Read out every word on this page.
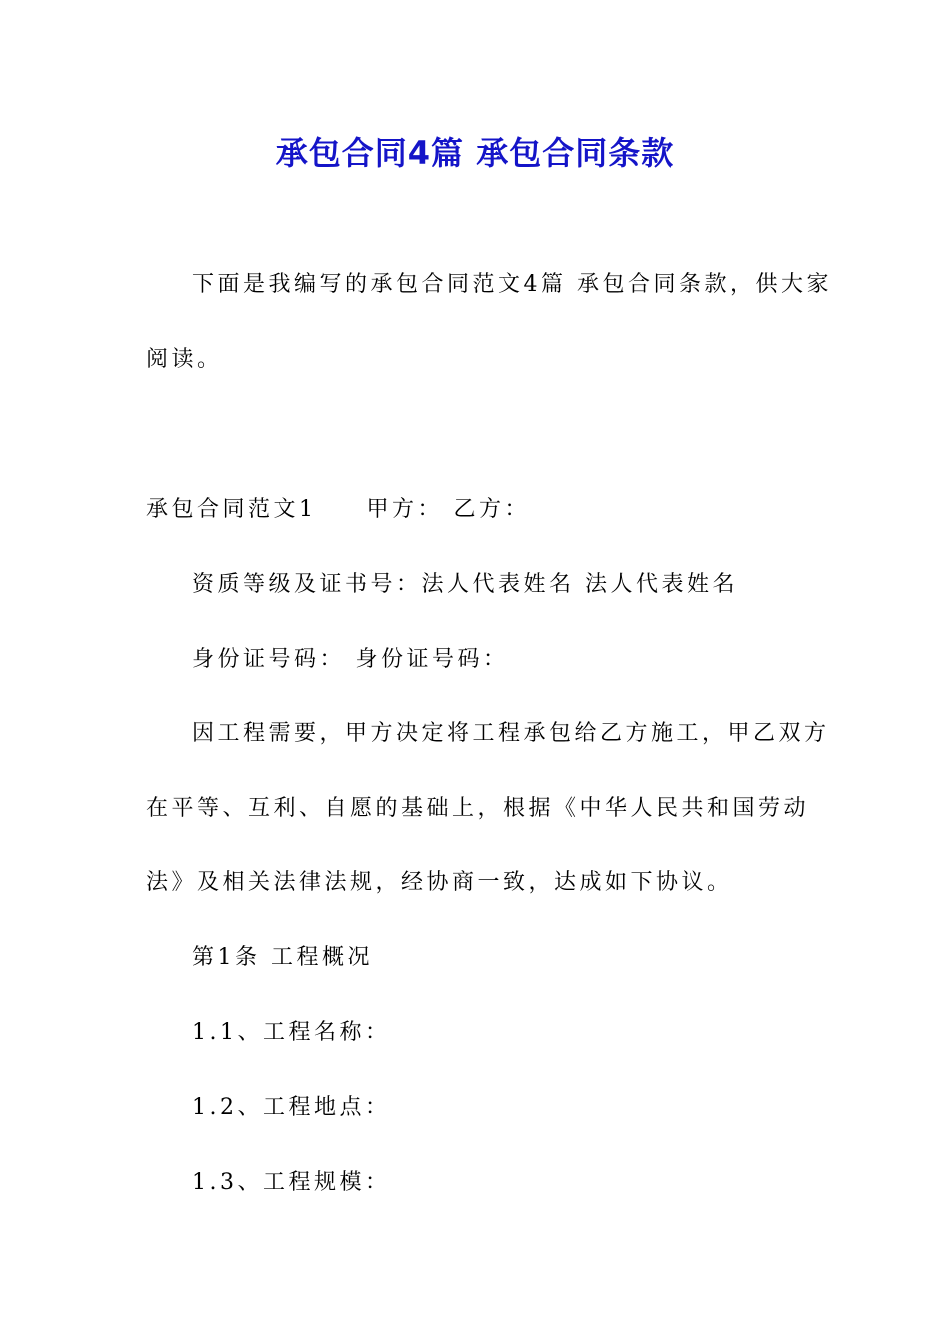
承包合同4篇 承包合同条款
下面是我编写的承包合同范文4篇 承包合同条款，供大家
阅读。
承包合同范文1 甲方： 乙方：
资质等级及证书号：法人代表姓名 法人代表姓名
身份证号码： 身份证号码：
因工程需要，甲方决定将工程承包给乙方施工，甲乙双方
在平等、互利、自愿的基础上，根据《中华人民共和国劳动
法》及相关法律法规，经协商一致，达成如下协议。
第1条 工程概况
1.1、工程名称：
1.2、工程地点：
1.3、工程规模：
